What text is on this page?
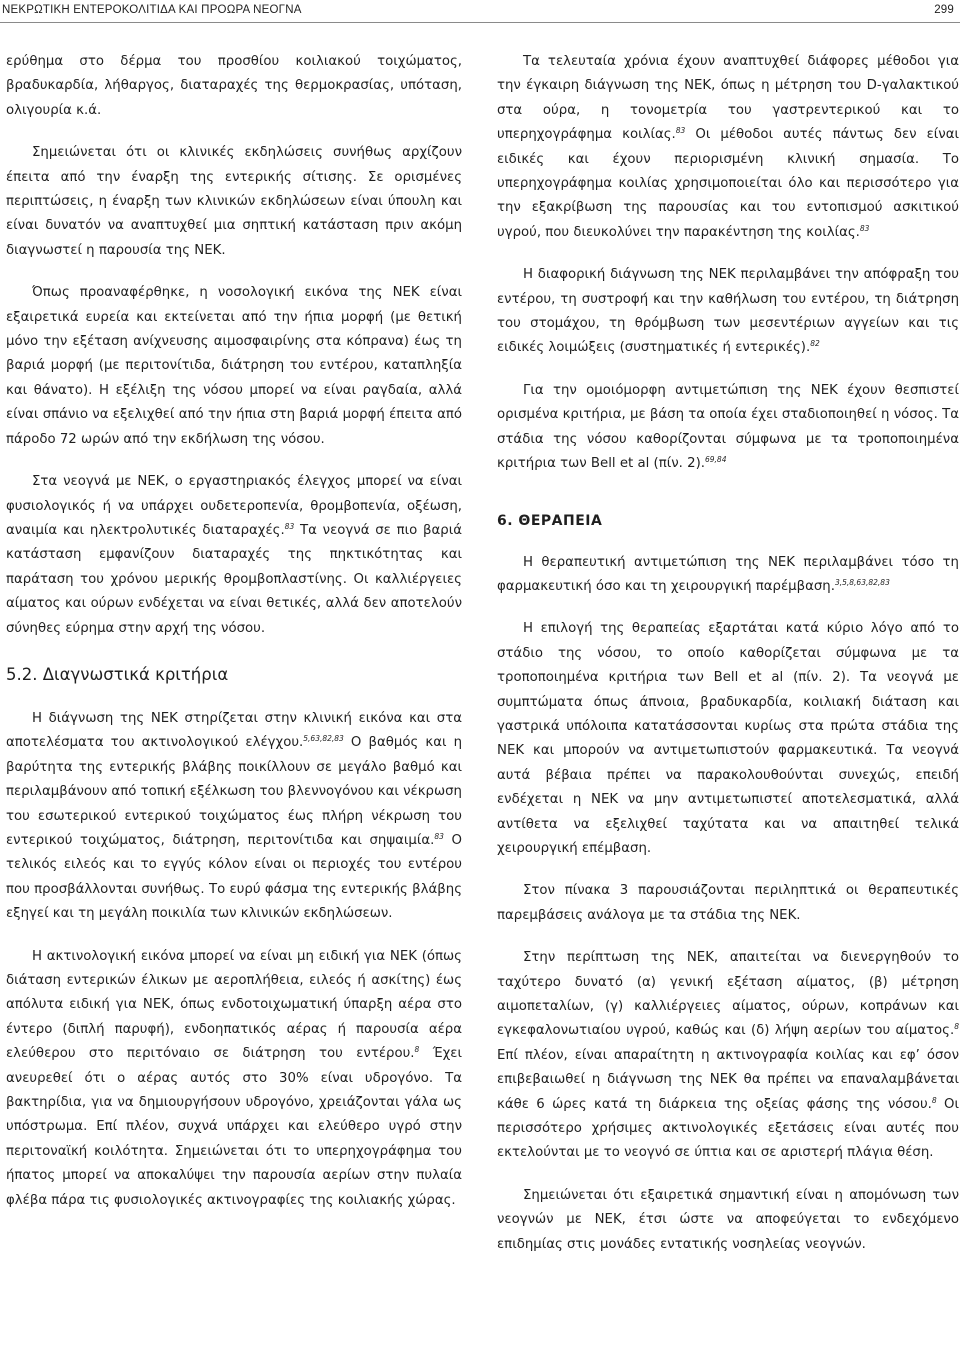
ΝΕΚΡΩΤΙΚΗ ΕΝΤΕΡΟΚΟΛΙΤΙΔΑ ΚΑΙ ΠΡΟΩΡΑ ΝΕΟΓΝΑ	299

ερύθημα στο δέρμα του προσθίου κοιλιακού τοιχώματος, βραδυκαρδία, λήθαργος, διαταραχές της θερμοκρασίας, υπόταση, ολιγουρία κ.ά.

Σημειώνεται ότι οι κλινικές εκδηλώσεις συνήθως αρχίζουν έπειτα από την έναρξη της εντερικής σίτισης. Σε ορισμένες περιπτώσεις, η έναρξη των κλινικών εκδηλώσεων είναι ύπουλη και είναι δυνατόν να αναπτυχθεί μια σηπτική κατάσταση πριν ακόμη διαγνωστεί η παρουσία της ΝΕΚ.

Όπως προαναφέρθηκε, η νοσολογική εικόνα της ΝΕΚ είναι εξαιρετικά ευρεία και εκτείνεται από την ήπια μορφή (με θετική μόνο την εξέταση ανίχνευσης αιμοσφαιρίνης στα κόπρανα) έως τη βαριά μορφή (με περιτονίτιδα, διάτρηση του εντέρου, καταπληξία και θάνατο). Η εξέλιξη της νόσου μπορεί να είναι ραγδαία, αλλά είναι σπάνιο να εξελιχθεί από την ήπια στη βαριά μορφή έπειτα από πάροδο 72 ωρών από την εκδήλωση της νόσου.

Στα νεογνά με ΝΕΚ, ο εργαστηριακός έλεγχος μπορεί να είναι φυσιολογικός ή να υπάρχει ουδετεροπενία, θρομβοπενία, οξέωση, αναιμία και ηλεκτρολυτικές διαταραχές.$^{83}$ Τα νεογνά σε πιο βαριά κατάσταση εμφανίζουν διαταραχές της πηκτικότητας και παράταση του χρόνου μερικής θρομβοπλαστίνης. Οι καλλιέργειες αίματος και ούρων ενδέχεται να είναι θετικές, αλλά δεν αποτελούν σύνηθες εύρημα στην αρχή της νόσου.

5.2. Διαγνωστικά κριτήρια

Η διάγνωση της ΝΕΚ στηρίζεται στην κλινική εικόνα και στα αποτελέσματα του ακτινολογικού ελέγχου.$^{5,63,82,83}$ Ο βαθμός και η βαρύτητα της εντερικής βλάβης ποικίλλουν σε μεγάλο βαθμό και περιλαμβάνουν από τοπική εξέλκωση του βλεννογόνου και νέκρωση του εσωτερικού εντερικού τοιχώματος έως πλήρη νέκρωση του εντερικού τοιχώματος, διάτρηση, περιτονίτιδα και σηψαιμία.$^{83}$ Ο τελικός ειλεός και το εγγύς κόλον είναι οι περιοχές του εντέρου που προσβάλλονται συνήθως. Το ευρύ φάσμα της εντερικής βλάβης εξηγεί και τη μεγάλη ποικιλία των κλινικών εκδηλώσεων.

Η ακτινολογική εικόνα μπορεί να είναι μη ειδική για ΝΕΚ (όπως διάταση εντερικών έλικων με αεροπλήθεια, ειλεός ή ασκίτης) έως απόλυτα ειδική για ΝΕΚ, όπως ενδοτοιχωματική ύπαρξη αέρα στο έντερο (διπλή παρυφή), ενδοηπατικός αέρας ή παρουσία αέρα ελεύθερου στο περιτόναιο σε διάτρηση του εντέρου.$^8$ Έχει ανευρεθεί ότι ο αέρας αυτός στο 30% είναι υδρογόνο. Τα βακτηρίδια, για να δημιουργήσουν υδρογόνο, χρειάζονται γάλα ως υπόστρωμα. Επί πλέον, συχνά υπάρχει και ελεύθερο υγρό στην περιτοναϊκή κοιλότητα. Σημειώνεται ότι το υπερηχογράφημα του ήπατος μπορεί να αποκαλύψει την παρουσία αερίων στην πυλαία φλέβα πάρα τις φυσιολογικές ακτινογραφίες της κοιλιακής χώρας.

Τα τελευταία χρόνια έχουν αναπτυχθεί διάφορες μέθοδοι για την έγκαιρη διάγνωση της ΝΕΚ, όπως η μέτρηση του D-γαλακτικού στα ούρα, η τονομετρία του γαστρεντερικού και το υπερηχογράφημα κοιλίας.$^{83}$ Οι μέθοδοι αυτές πάντως δεν είναι ειδικές και έχουν περιορισμένη κλινική σημασία. Το υπερηχογράφημα κοιλίας χρησιμοποιείται όλο και περισσότερο για την εξακρίβωση της παρουσίας και του εντοπισμού ασκιτικού υγρού, που διευκολύνει την παρακέντηση της κοιλίας.$^{83}$

Η διαφορική διάγνωση της ΝΕΚ περιλαμβάνει την απόφραξη του εντέρου, τη συστροφή και την καθήλωση του εντέρου, τη διάτρηση του στομάχου, τη θρόμβωση των μεσεντέριων αγγείων και τις ειδικές λοιμώξεις (συστηματικές ή εντερικές).$^{82}$

Για την ομοιόμορφη αντιμετώπιση της ΝΕΚ έχουν θεσπιστεί ορισμένα κριτήρια, με βάση τα οποία έχει σταδιοποιηθεί η νόσος. Τα στάδια της νόσου καθορίζονται σύμφωνα με τα τροποποιημένα κριτήρια των Bell et al (πίν. 2).$^{69,84}$

6. ΘΕΡΑΠΕΙΑ

Η θεραπευτική αντιμετώπιση της ΝΕΚ περιλαμβάνει τόσο τη φαρμακευτική όσο και τη χειρουργική παρέμβαση.$^{3,5,8,63,82,83}$

Η επιλογή της θεραπείας εξαρτάται κατά κύριο λόγο από το στάδιο της νόσου, το οποίο καθορίζεται σύμφωνα με τα τροποποιημένα κριτήρια των Bell et al (πίν. 2). Τα νεογνά με συμπτώματα όπως άπνοια, βραδυκαρδία, κοιλιακή διάταση και γαστρικά υπόλοιπα κατατάσσονται κυρίως στα πρώτα στάδια της ΝΕΚ και μπορούν να αντιμετωπιστούν φαρμακευτικά. Τα νεογνά αυτά βέβαια πρέπει να παρακολουθούνται συνεχώς, επειδή ενδέχεται η ΝΕΚ να μην αντιμετωπιστεί αποτελεσματικά, αλλά αντίθετα να εξελιχθεί ταχύτατα και να απαιτηθεί τελικά χειρουργική επέμβαση.

Στον πίνακα 3 παρουσιάζονται περιληπτικά οι θεραπευτικές παρεμβάσεις ανάλογα με τα στάδια της ΝΕΚ.

Στην περίπτωση της ΝΕΚ, απαιτείται να διενεργηθούν το ταχύτερο δυνατό (α) γενική εξέταση αίματος, (β) μέτρηση αιμοπεταλίων, (γ) καλλιέργειες αίματος, ούρων, κοπράνων και εγκεφαλονωτιαίου υγρού, καθώς και (δ) λήψη αερίων του αίματος.$^8$ Επί πλέον, είναι απαραίτητη η ακτινογραφία κοιλίας και εφ’ όσον επιβεβαιωθεί η διάγνωση της ΝΕΚ θα πρέπει να επαναλαμβάνεται κάθε 6 ώρες κατά τη διάρκεια της οξείας φάσης της νόσου.$^8$ Οι περισσότερο χρήσιμες ακτινολογικές εξετάσεις είναι αυτές που εκτελούνται με το νεογνό σε ύπτια και σε αριστερή πλάγια θέση.

Σημειώνεται ότι εξαιρετικά σημαντική είναι η απομόνωση των νεογνών με ΝΕΚ, έτσι ώστε να αποφεύγεται το ενδεχόμενο επιδημίας στις μονάδες εντατικής νοσηλείας νεογνών.
